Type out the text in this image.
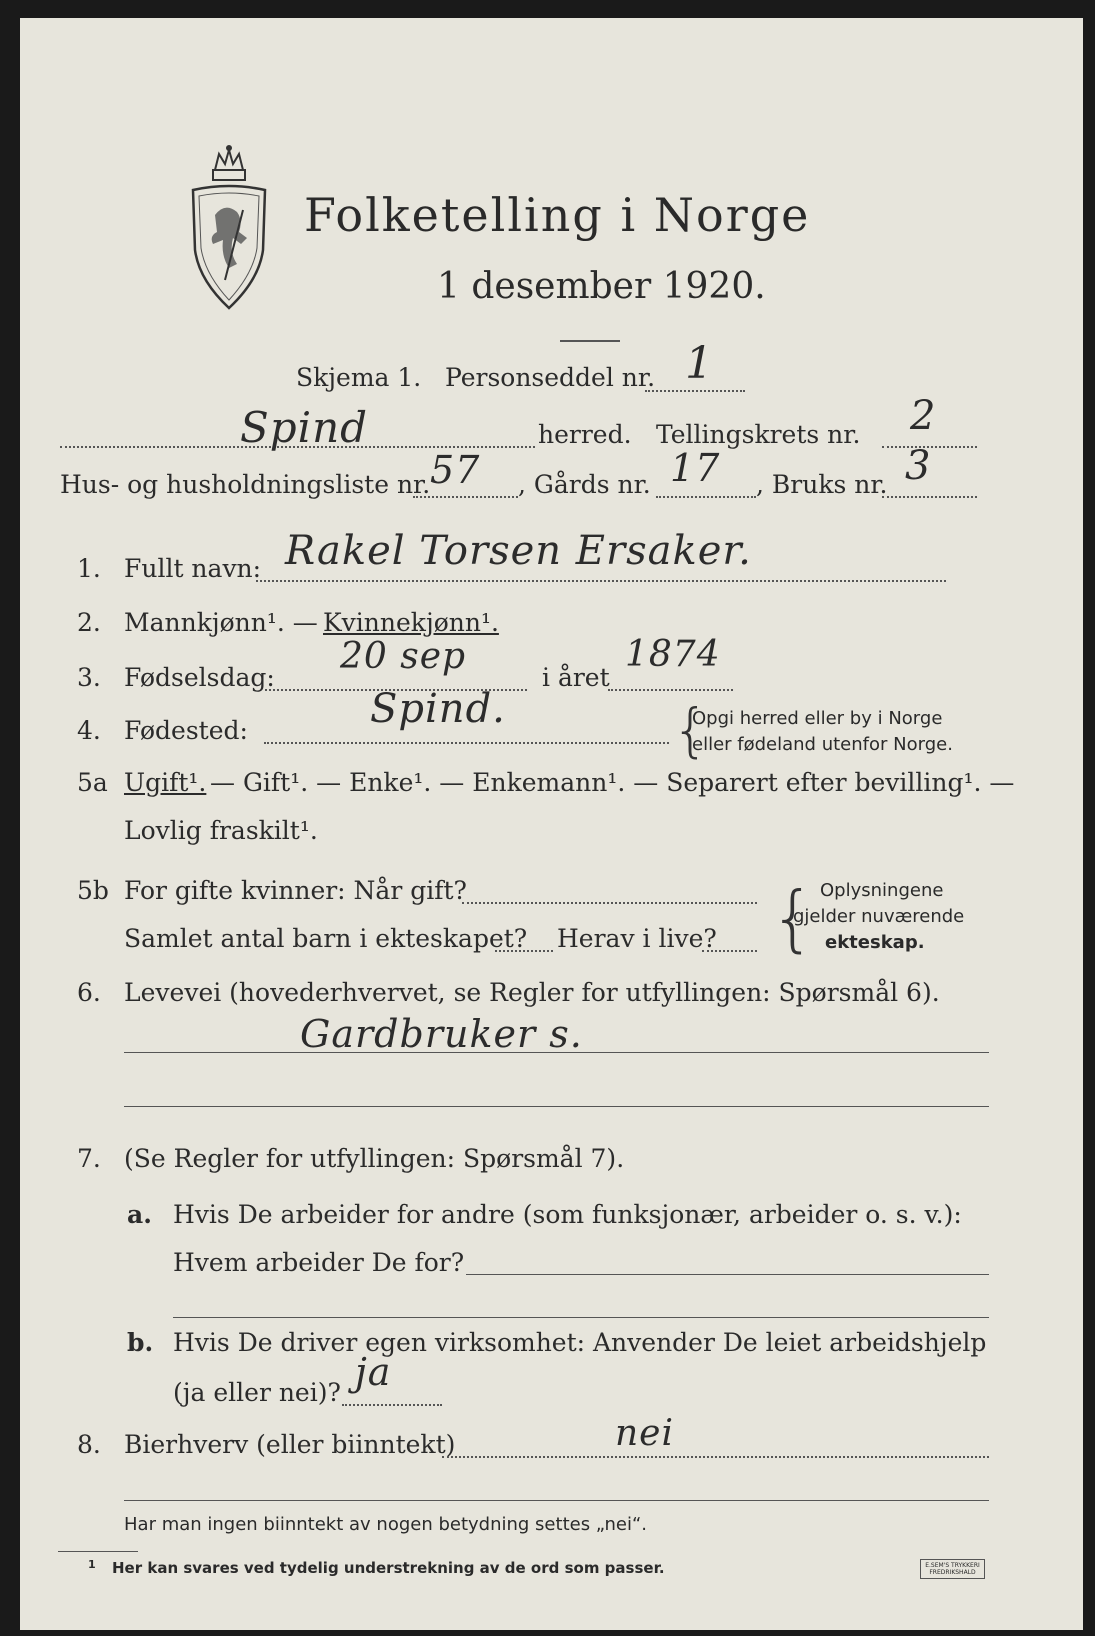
Folketelling i Norge
1 desember 1920.
Skjema 1. Personseddel nr. 1
Spind	herred. Tellingskrets nr. 2
Hus- og husholdningsliste nr. 57 , Gårds nr. 17 , Bruks nr. 3
1. Fullt navn: Rakel Torsen Ersaker.
2. Mannkjønn¹. — Kvinnekjønn¹.
3. Fødselsdag:
20 sep
i året
1874
4. Fødested:	Spind.	{
Opgi herred eller by i Norge
eller fødeland utenfor Norge.
5a Ugift¹. — Gift¹. — Enke¹. — Enkemann¹. — Separert efter bevilling¹. —
Lovlig fraskilt¹.
5b For gifte kvinner: Når gift?
Samlet antal barn i ekteskapet? Herav i live? { Oplysningene
gjelder nuværende
ekteskap.
6. Levevei (hovederhvervet, se Regler for utfyllingen: Spørsmål 6).
Gardbruker s.
7. (Se Regler for utfyllingen: Spørsmål 7).
a. Hvis De arbeider for andre (som funksjonær, arbeider o. s. v.):
Hvem arbeider De for?
b. Hvis De driver egen virksomhet: Anvender De leiet arbeidshjelp
(ja eller nei)? ja
8. Bierhverv (eller biinntekt)	nei
Har man ingen biinntekt av nogen betydning settes „nei“.
1 Her kan svares ved tydelig understrekning av de ord som passer.	E.SEM'S TRYKKERI FREDRIKSHALD
